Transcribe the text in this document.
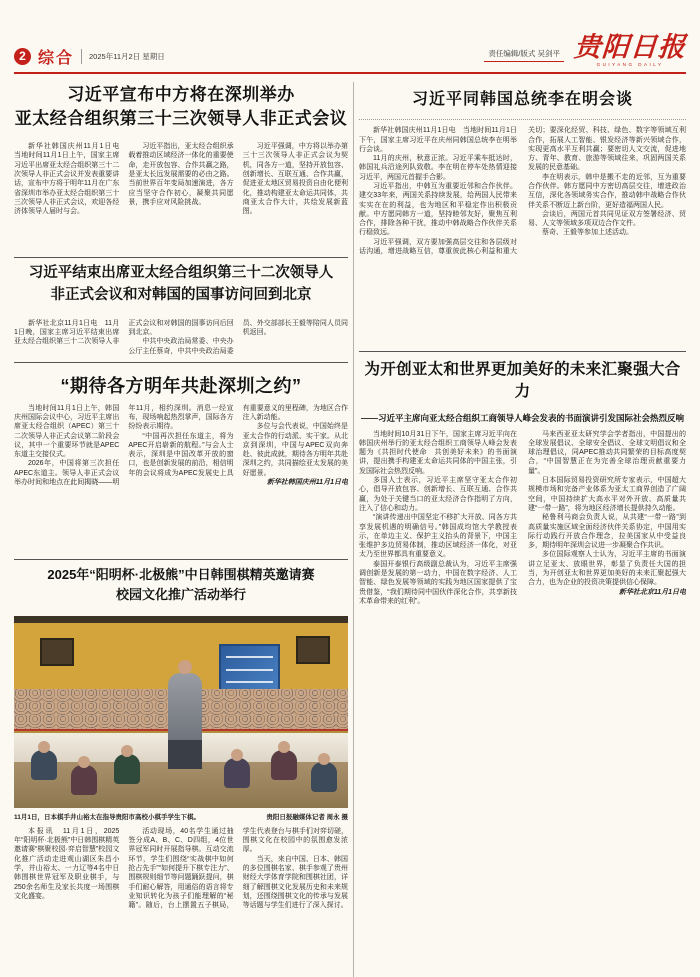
2 综合 2025年11月2日 星期日	责任编辑/版式 吴剑平 贵阳日报
GUIYANG DAILY
习近平宣布中方将在深圳举办
亚太经合组织第三十三次领导人非正式会议

新华社韩国庆州11月1日电　当地时间11月1日上午，国家主席习近平出席亚太经合组织第三十二次领导人非正式会议并发表重要讲话，宣布中方将于明年11月在广东省深圳市举办亚太经合组织第三十三次领导人非正式会议，欢迎各经济体领导人届时与会。

习近平指出，亚太经合组织承载着推动区域经济一体化的重要使命，走开放包容、合作共赢之路，是亚太长远发展需要的必由之路。当前世界百年变局加速演进，各方应当坚守合作初心，凝聚共同愿景，携手应对风险挑战。

习近平强调，中方将以举办第三十三次领导人非正式会议为契机，同各方一道，坚持开放包容、创新增长、互联互通、合作共赢，促进亚太地区贸易投资自由化便利化，推动构建亚太命运共同体，共商亚太合作大计，共绘发展新蓝图。

习近平结束出席亚太经合组织第三十二次领导人
非正式会议和对韩国的国事访问回到北京

新华社北京11月1日电　11月1日晚，国家主席习近平结束出席亚太经合组织第三十二次领导人非正式会议和对韩国的国事访问后回到北京。

中共中央政治局常委、中央办公厅主任蔡奇，中共中央政治局委员、外交部部长王毅等陪同人员同机返回。

“期待各方明年共赴深圳之约”

当地时间11月1日上午，韩国庆州国际会议中心，习近平主席出席亚太经合组织（APEC）第三十二次领导人非正式会议第二阶段会议，其中一个重要环节就是APEC东道主交接仪式。

2026年，中国将第三次担任APEC东道主。领导人非正式会议举办时间和地点在此间揭晓——明年11月，相约深圳。消息一经宣布，现场响起热烈掌声，国际各方纷纷表示期待。

“中国再次担任东道主，将为APEC开启崭新的航程。”与会人士表示，深圳是中国改革开放的窗口，也是创新发展的前沿，相信明年的会议将成为APEC发展史上具有重要意义的里程碑，为地区合作注入新动能。

多位与会代表说，中国始终是亚太合作的行动派、实干家。从北京到深圳，中国与APEC双向奔赴、彼此成就，期待各方明年共赴深圳之约，共同描绘亚太发展的美好愿景。

新华社韩国庆州11月1日电

2025年“阳明杯·北极熊”中日韩围棋精英邀请赛
校园文化推广活动举行
11月1日，日本棋手井山裕太在指导贵阳市高校小棋手学生下棋。	贵阳日报融媒体记者 周永 摄

本报讯　11月1日，2025年“阳明杯·北极熊”中日韩围棋精英邀请赛“棋聚校园·弈启智慧”校园文化推广活动走进观山湖区朱昌小学，井山裕太、一力辽等4名中日韩围棋世界冠军及职业棋手，与250余名师生及家长共度一场围棋文化盛宴。

活动现场，40名学生通过抽签分成A、B、C、D四组，4位世界冠军同时开展指导棋。互动交流环节，学生们围绕“实战棋中如何抢占先手”“如何提升下棋专注力”、围棋规则细节等问题踊跃提问，棋手们耐心解答，用通俗的语言将专业知识转化为孩子们能理解的“秘籍”。随后，台上摆置五子棋局，学生代表登台与棋手们对弈切磋，围棋文化在校园中的氛围愈发浓厚。

当天，来自中国、日本、韩国的多位围棋名家、棋手参观了贵州财经大学体育学院和围棋社团，详细了解围棋文化发展历史和未来规划，还围绕围棋文化的传承与发展等话题与学生们进行了深入探讨。

习近平同韩国总统李在明会谈

新华社韩国庆州11月1日电　当地时间11月1日下午，国家主席习近平在庆州同韩国总统李在明举行会谈。

11月的庆州，秋意正浓。习近平乘车抵达时，韩国礼兵沿途列队致敬。李在明在停车处热情迎接习近平，两国元首握手合影。

习近平指出，中韩互为重要近邻和合作伙伴。建交33年来，两国关系持续发展，给两国人民带来实实在在的利益，也为地区和平稳定作出积极贡献。中方愿同韩方一道，坚持睦邻友好，聚焦互利合作，排除各种干扰，推动中韩战略合作伙伴关系行稳致远。

习近平强调，双方要加强高层交往和各层级对话沟通，增进战略互信，尊重彼此核心利益和重大关切；要深化经贸、科技、绿色、数字等领域互利合作，拓展人工智能、银发经济等新兴领域合作，实现更高水平互利共赢；要密切人文交流，促进地方、青年、教育、旅游等领域往来，巩固两国关系发展的民意基础。

李在明表示，韩中是搬不走的近邻，互为重要合作伙伴。韩方愿同中方密切高层交往，增进政治互信，深化各领域务实合作，推动韩中战略合作伙伴关系不断迈上新台阶，更好造福两国人民。

会谈后，两国元首共同见证双方签署经济、贸易、人文等领域多项双边合作文件。

蔡奇、王毅等参加上述活动。

为开创亚太和世界更加美好的未来汇聚强大合力
——习近平主席向亚太经合组织工商领导人峰会发表的书面演讲引发国际社会热烈反响

当地时间10月31日下午，国家主席习近平向在韩国庆州举行的亚太经合组织工商领导人峰会发表题为《共担时代使命　共创美好未来》的书面演讲，提出携手构建亚太命运共同体的中国主张，引发国际社会热烈反响。

多国人士表示，习近平主席坚守亚太合作初心，倡导开放包容、创新增长、互联互通、合作共赢，为处于关键当口的亚太经济合作指明了方向，注入了信心和动力。

“演讲传递出中国坚定不移扩大开放、同各方共享发展机遇的明确信号。”韩国成均馆大学教授表示，在单边主义、保护主义抬头的背景下，中国主张维护多边贸易体制，推动区域经济一体化，对亚太乃至世界都具有重要意义。

泰国开泰银行高级副总裁认为，习近平主席强调创新是发展的第一动力，中国在数字经济、人工智能、绿色发展等领域的实践为地区国家提供了宝贵借鉴，“我们期待同中国伙伴深化合作，共享新技术革命带来的红利”。

马来西亚亚太研究学会学者指出，中国提出的全球发展倡议、全球安全倡议、全球文明倡议和全球治理倡议，同APEC推动共同繁荣的目标高度契合，“中国智慧正在为完善全球治理贡献重要力量”。

日本国际贸易投资研究所专家表示，中国超大规模市场和完备产业体系为亚太工商界创造了广阔空间，中国持续扩大高水平对外开放、高质量共建“一带一路”，将为地区经济增长提供持久动能。

秘鲁利马商会负责人说，从共建“一带一路”到高质量实施区域全面经济伙伴关系协定，中国用实际行动践行开放合作理念，拉美国家从中受益良多，期待明年深圳会议进一步凝聚合作共识。

多位国际观察人士认为，习近平主席的书面演讲立足亚太、放眼世界，彰显了负责任大国的担当，为开创亚太和世界更加美好的未来汇聚起强大合力，也为企业的投资决策提供信心保障。

新华社北京11月1日电
